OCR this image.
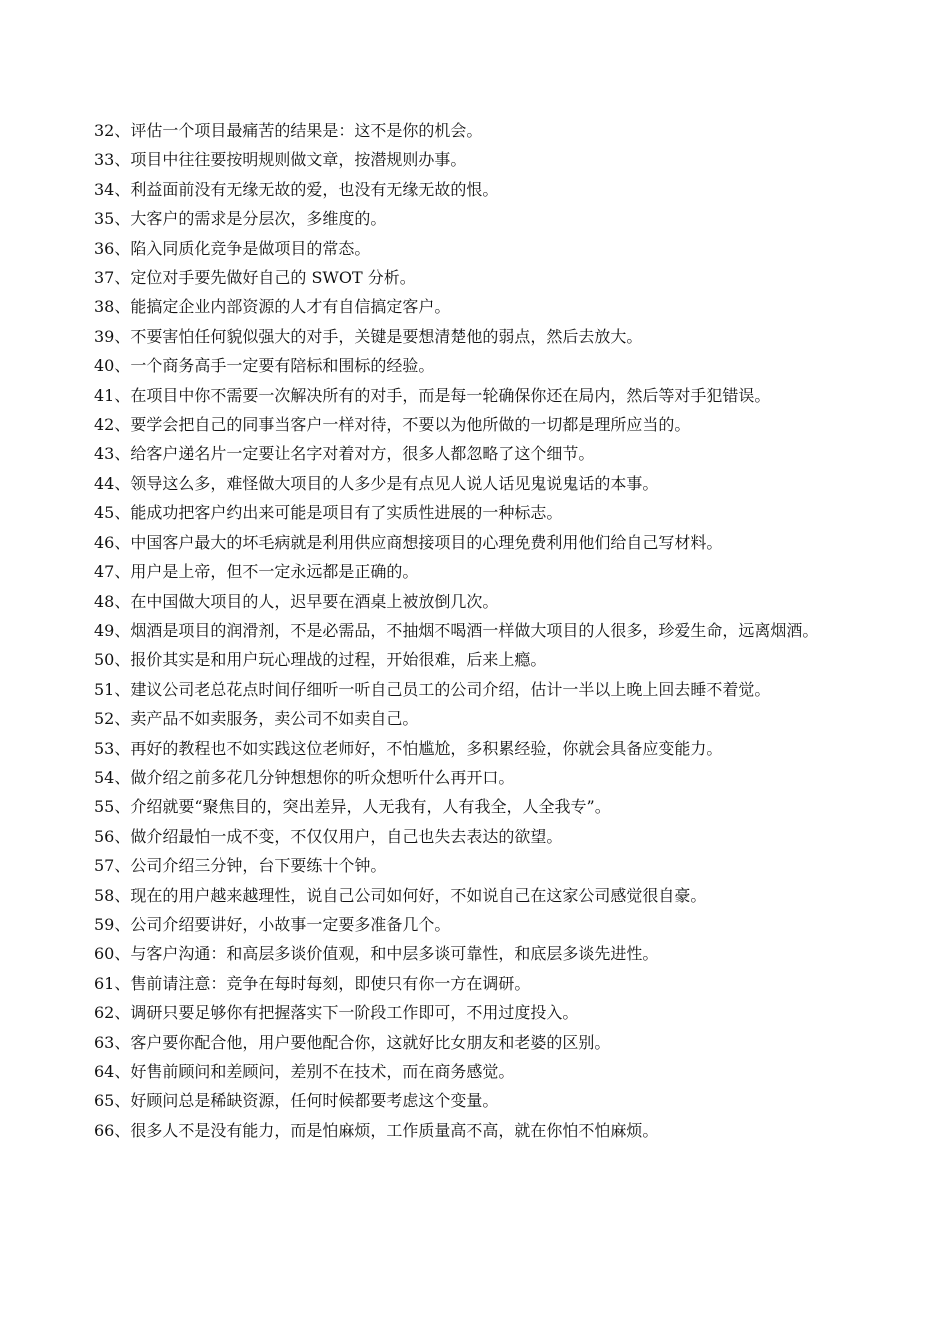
32、评估一个项目最痛苦的结果是：这不是你的机会。

33、项目中往往要按明规则做文章，按潜规则办事。

34、利益面前没有无缘无故的爱，也没有无缘无故的恨。

35、大客户的需求是分层次，多维度的。

36、陷入同质化竞争是做项目的常态。

37、定位对手要先做好自己的 SWOT 分析。

38、能搞定企业内部资源的人才有自信搞定客户。

39、不要害怕任何貌似强大的对手，关键是要想清楚他的弱点，然后去放大。

40、一个商务高手一定要有陪标和围标的经验。

41、在项目中你不需要一次解决所有的对手，而是每一轮确保你还在局内，然后等对手犯错误。

42、要学会把自己的同事当客户一样对待，不要以为他所做的一切都是理所应当的。

43、给客户递名片一定要让名字对着对方，很多人都忽略了这个细节。

44、领导这么多，难怪做大项目的人多少是有点见人说人话见鬼说鬼话的本事。

45、能成功把客户约出来可能是项目有了实质性进展的一种标志。

46、中国客户最大的坏毛病就是利用供应商想接项目的心理免费利用他们给自己写材料。

47、用户是上帝，但不一定永远都是正确的。

48、在中国做大项目的人，迟早要在酒桌上被放倒几次。

49、烟酒是项目的润滑剂，不是必需品，不抽烟不喝酒一样做大项目的人很多，珍爱生命，远离烟酒。

50、报价其实是和用户玩心理战的过程，开始很难，后来上瘾。

51、建议公司老总花点时间仔细听一听自己员工的公司介绍，估计一半以上晚上回去睡不着觉。

52、卖产品不如卖服务，卖公司不如卖自己。

53、再好的教程也不如实践这位老师好，不怕尴尬，多积累经验，你就会具备应变能力。

54、做介绍之前多花几分钟想想你的听众想听什么再开口。

55、介绍就要“聚焦目的，突出差异，人无我有，人有我全，人全我专”。

56、做介绍最怕一成不变，不仅仅用户，自己也失去表达的欲望。

57、公司介绍三分钟，台下要练十个钟。

58、现在的用户越来越理性，说自己公司如何好，不如说自己在这家公司感觉很自豪。

59、公司介绍要讲好，小故事一定要多准备几个。

60、与客户沟通：和高层多谈价值观，和中层多谈可靠性，和底层多谈先进性。

61、售前请注意：竞争在每时每刻，即使只有你一方在调研。

62、调研只要足够你有把握落实下一阶段工作即可，不用过度投入。

63、客户要你配合他，用户要他配合你，这就好比女朋友和老婆的区别。

64、好售前顾问和差顾问，差别不在技术，而在商务感觉。

65、好顾问总是稀缺资源，任何时候都要考虑这个变量。

66、很多人不是没有能力，而是怕麻烦，工作质量高不高，就在你怕不怕麻烦。
